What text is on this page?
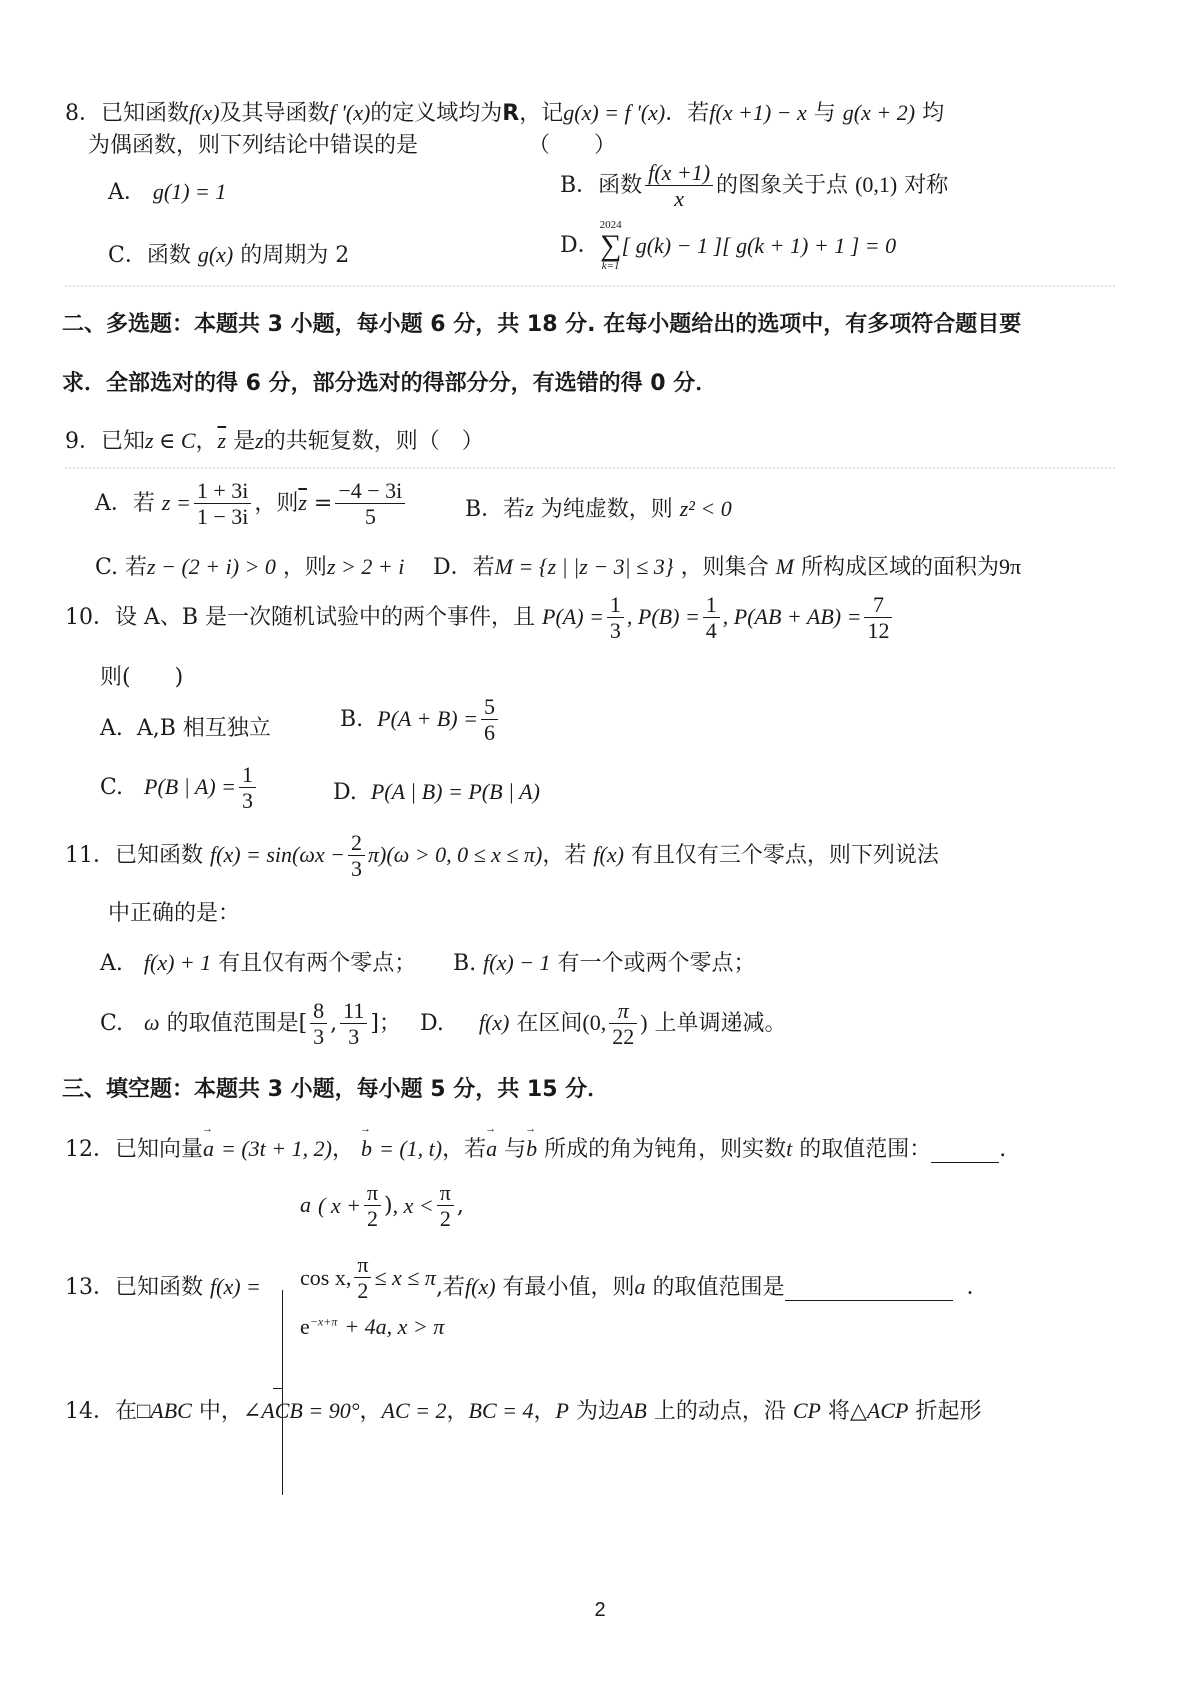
8．已知函数f(x)及其导函数f '(x)的定义域均为R，记g(x) = f '(x)．若f(x +1) − x 与 g(x + 2) 均
为偶函数，则下列结论中错误的是	（　　）
A． g(1) = 1	B．函数 $\frac{f(x +1)}{x}$ 的图象关于点 (0,1) 对称
C．函数 g(x) 的周期为 2	D．
2024
∑
k=1
[ g(k) − 1 ][ g(k + 1) + 1 ] = 0
二、多选题：本题共 3 小题，每小题 6 分，共 18 分. 在每小题给出的选项中，有多项符合题目要
求．全部选对的得 6 分，部分选对的得部分分，有选错的得 0 分．
9．已知z ∈ C，$\overline{z}$ 是z的共轭复数，则（　）
A．若 $z = \frac{1 + 3i}{1 - 3i}$ ，则$\overline{z} = \frac{-4 - 3i}{5}$	B．若z 为纯虚数，则 z² < 0
C. 若z − (2 + i) > 0 ，则z > 2 + i D．若M = {z | |z − 3| ≤ 3} ，则集合 M 所构成区域的面积为9π
10．设 A、B 是一次随机试验中的两个事件，且 $P(A) = \frac{1}{3}$ , $P(B) = \frac{1}{4}$ , $P(AB + AB) = \frac{7}{12}$
则(　　)
A. A,B 相互独立	B. $P(A + B) = \frac{5}{6}$
C. P(B | $A) = \frac{1}{3}$	D. P(A | B) = P(B | A)
11．已知函数 $f(x) = \sin(\omega x - \frac{2}{3} \pi)(\omega > 0$, 0 ≤ x ≤ π)，若 f(x) 有且仅有三个零点，则下列说法
中正确的是：
A. f(x) + 1 有且仅有两个零点； B. f(x) − 1 有一个或两个零点；
C. ω 的取值范围是[ $\frac{8}{3}$ , $\frac{11}{3}$ ]； D. f(x) 在区间(0, $\frac{\pi}{22}$ ) 上单调递减。
三、填空题：本题共 3 小题，每小题 5 分，共 15 分．
12．已知向量→ a = (3t + 1, 2)， → b = (1, t)，若→ a 与→ b 所成的角为钝角，则实数t 的取值范围：	.
13．已知函数 f(x) =
a ( $x + \frac{\pi}{2}$ ), $x < \frac{\pi}{2}$ ,
cos x, $\frac{\pi}{2} \le x \le \pi$
$e^{-x+\pi} + 4a$, x > π
,若f(x) 有最小值，则a 的取值范围是	．
14．在□ABC 中，∠ACB = 90°，AC = 2，BC = 4，P 为边AB 上的动点，沿 CP 将△ACP 折起形
2
